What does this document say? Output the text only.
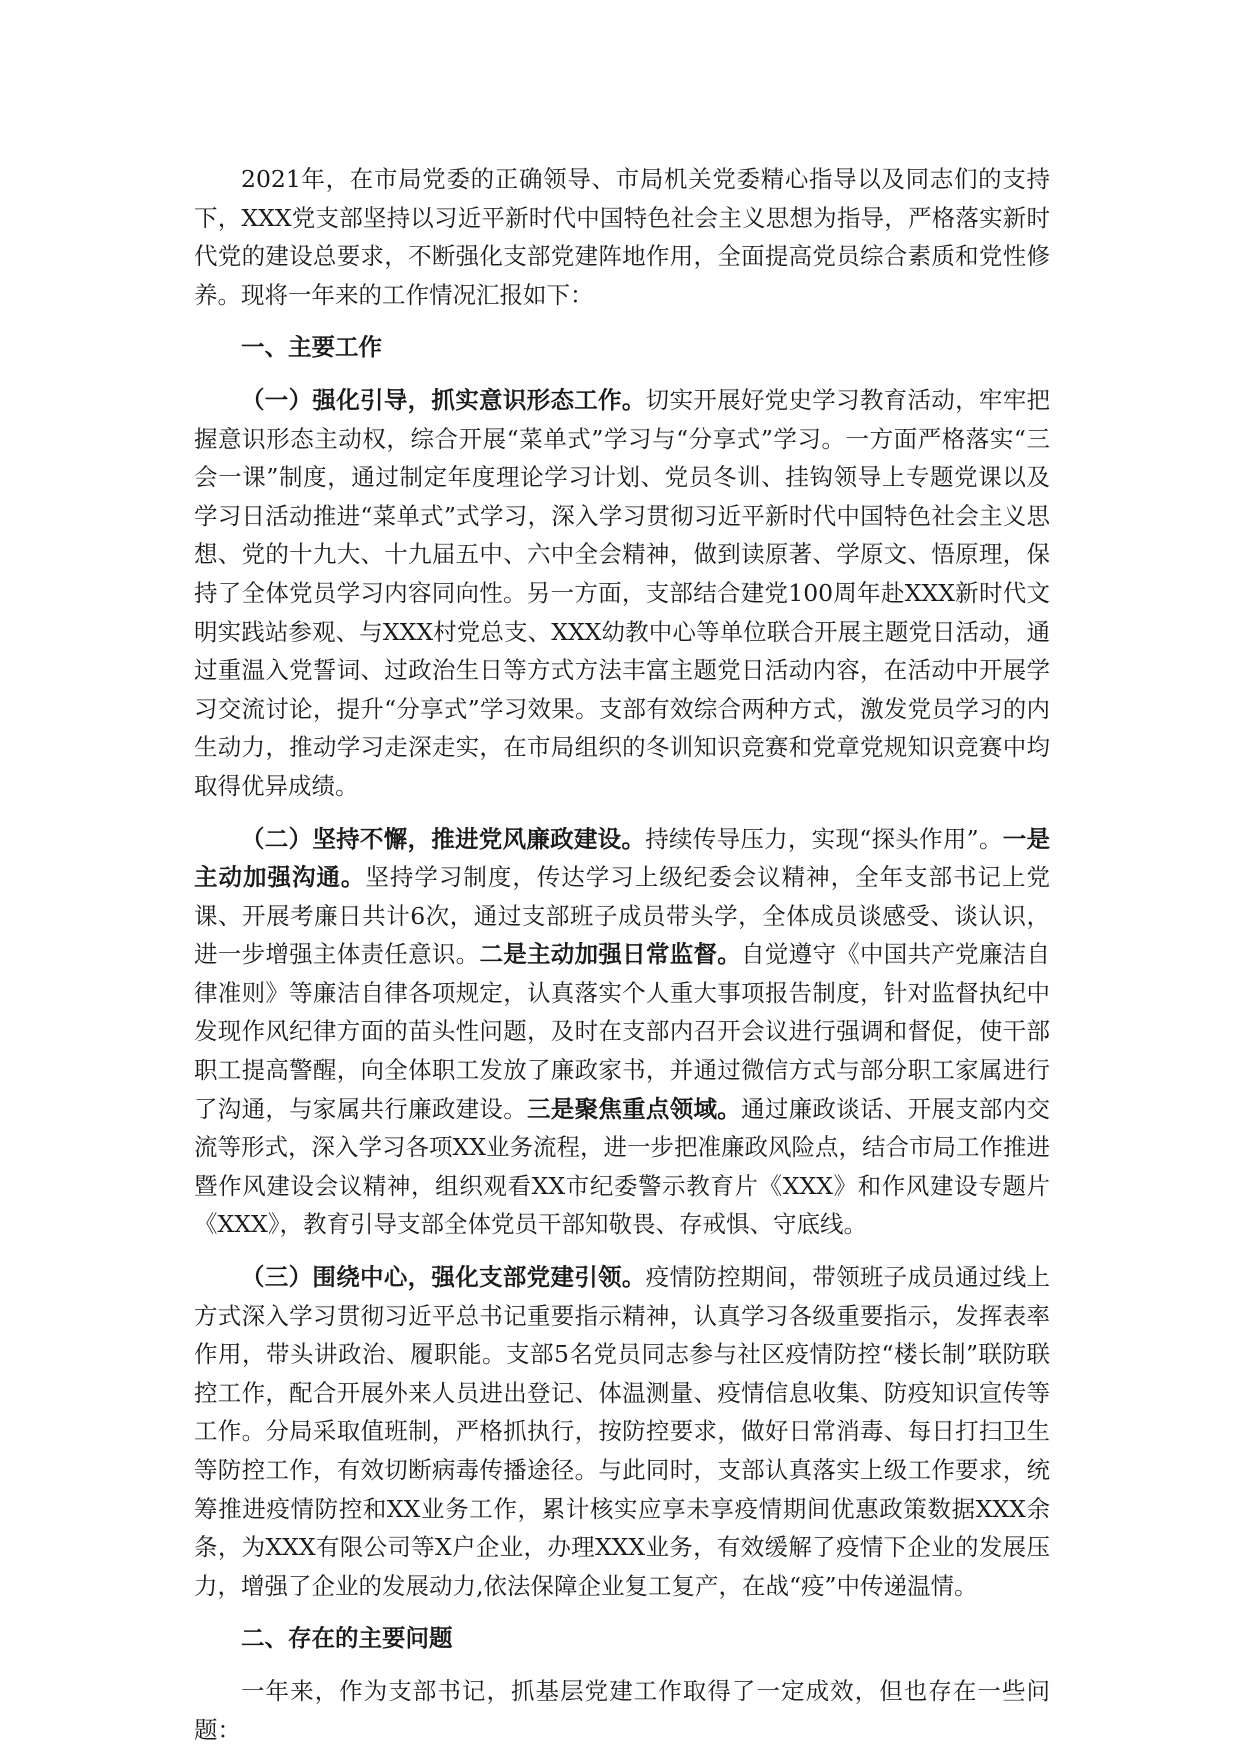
2021年，在市局党委的正确领导、市局机关党委精心指导以及同志们的支持下，XXX党支部坚持以习近平新时代中国特色社会主义思想为指导，严格落实新时代党的建设总要求，不断强化支部党建阵地作用，全面提高党员综合素质和党性修养。现将一年来的工作情况汇报如下：

一、主要工作

（一）强化引导，抓实意识形态工作。切实开展好党史学习教育活动，牢牢把握意识形态主动权，综合开展“菜单式”学习与“分享式”学习。一方面严格落实“三会一课”制度，通过制定年度理论学习计划、党员冬训、挂钩领导上专题党课以及学习日活动推进“菜单式”式学习，深入学习贯彻习近平新时代中国特色社会主义思想、党的十九大、十九届五中、六中全会精神，做到读原著、学原文、悟原理，保持了全体党员学习内容同向性。另一方面，支部结合建党100周年赴XXX新时代文明实践站参观、与XXX村党总支、XXX幼教中心等单位联合开展主题党日活动，通过重温入党誓词、过政治生日等方式方法丰富主题党日活动内容，在活动中开展学习交流讨论，提升“分享式”学习效果。支部有效综合两种方式，激发党员学习的内生动力，推动学习走深走实，在市局组织的冬训知识竞赛和党章党规知识竞赛中均取得优异成绩。

（二）坚持不懈，推进党风廉政建设。持续传导压力，实现“探头作用”。一是主动加强沟通。坚持学习制度，传达学习上级纪委会议精神，全年支部书记上党课、开展考廉日共计6次，通过支部班子成员带头学，全体成员谈感受、谈认识，进一步增强主体责任意识。二是主动加强日常监督。自觉遵守《中国共产党廉洁自律准则》等廉洁自律各项规定，认真落实个人重大事项报告制度，针对监督执纪中发现作风纪律方面的苗头性问题，及时在支部内召开会议进行强调和督促，使干部职工提高警醒，向全体职工发放了廉政家书，并通过微信方式与部分职工家属进行了沟通，与家属共行廉政建设。三是聚焦重点领域。通过廉政谈话、开展支部内交流等形式，深入学习各项XX业务流程，进一步把准廉政风险点，结合市局工作推进暨作风建设会议精神，组织观看XX市纪委警示教育片《XXX》和作风建设专题片《XXX》，教育引导支部全体党员干部知敬畏、存戒惧、守底线。

（三）围绕中心，强化支部党建引领。疫情防控期间，带领班子成员通过线上方式深入学习贯彻习近平总书记重要指示精神，认真学习各级重要指示，发挥表率作用，带头讲政治、履职能。支部5名党员同志参与社区疫情防控“楼长制”联防联控工作，配合开展外来人员进出登记、体温测量、疫情信息收集、防疫知识宣传等工作。分局采取值班制，严格抓执行，按防控要求，做好日常消毒、每日打扫卫生等防控工作，有效切断病毒传播途径。与此同时，支部认真落实上级工作要求，统筹推进疫情防控和XX业务工作，累计核实应享未享疫情期间优惠政策数据XXX余条，为XXX有限公司等X户企业，办理XXX业务，有效缓解了疫情下企业的发展压力，增强了企业的发展动力,依法保障企业复工复产，在战“疫”中传递温情。

二、存在的主要问题

一年来，作为支部书记，抓基层党建工作取得了一定成效，但也存在一些问题：
